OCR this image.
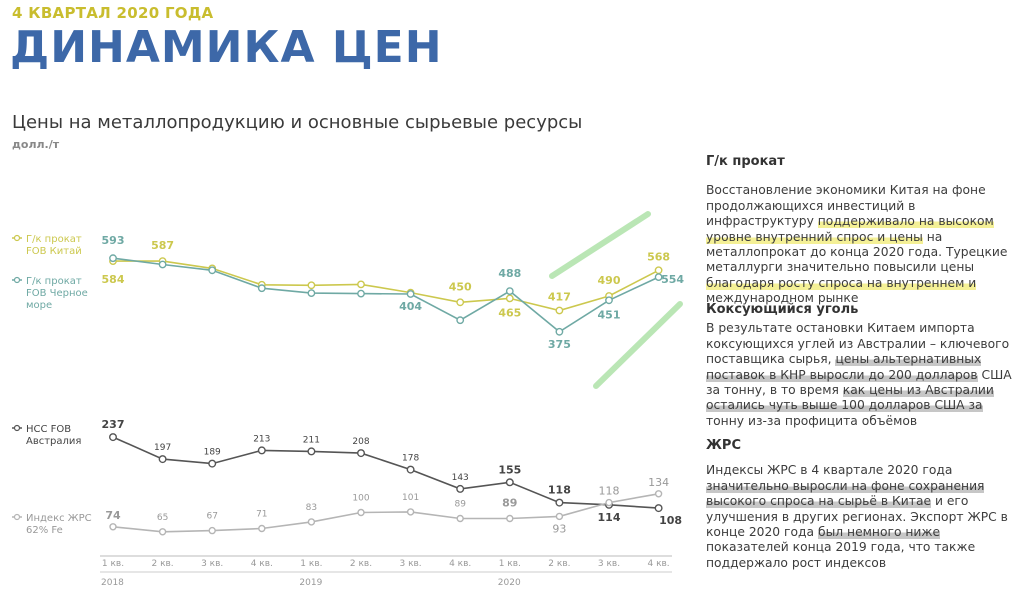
4 КВАРТАЛ 2020 ГОДА
ДИНАМИКА ЦЕН
Цены на металлопродукцию и основные сырьевые ресурсы
долл./т
584
587
450
465
417
490
568
Г/к прокат
FOB Китай
593
404
488
375
451
554
Г/к прокат
FOB Черное
море
237
197	189
213	211	208
178
143
155
118
114	108
HCC FOB
Австралия
74	65	67	71
83
100	101
89	89
93
118
134
Индекс ЖРС
62% Fe
1 кв.	2 кв.	3 кв.	4 кв.	1 кв.	2 кв.	3 кв.	4 кв.	1 кв.	2 кв.	3 кв.	4 кв.
2018	2019	2020
Г/к прокат

Восстановление экономики Китая на фоне продолжающихся инвестиций в инфраструктуру поддерживало на высоком уровне внутренний спрос и цены на металлопрокат до конца 2020 года. Турецкие металлурги значительно повысили цены благодаря росту спроса на внутреннем и международном рынке

Коксующийся уголь

В результате остановки Китаем импорта коксующихся углей из Австралии – ключевого поставщика сырья, цены альтернативных поставок в КНР выросли до 200 долларов США за тонну, в то время как цены из Австралии остались чуть выше 100 долларов США за тонну из-за профицита объёмов

ЖРС

Индексы ЖРС в 4 квартале 2020 года значительно выросли на фоне сохранения высокого спроса на сырьё в Китае и его улучшения в других регионах. Экспорт ЖРС в конце 2020 года был немного ниже показателей конца 2019 года, что также поддержало рост индексов
